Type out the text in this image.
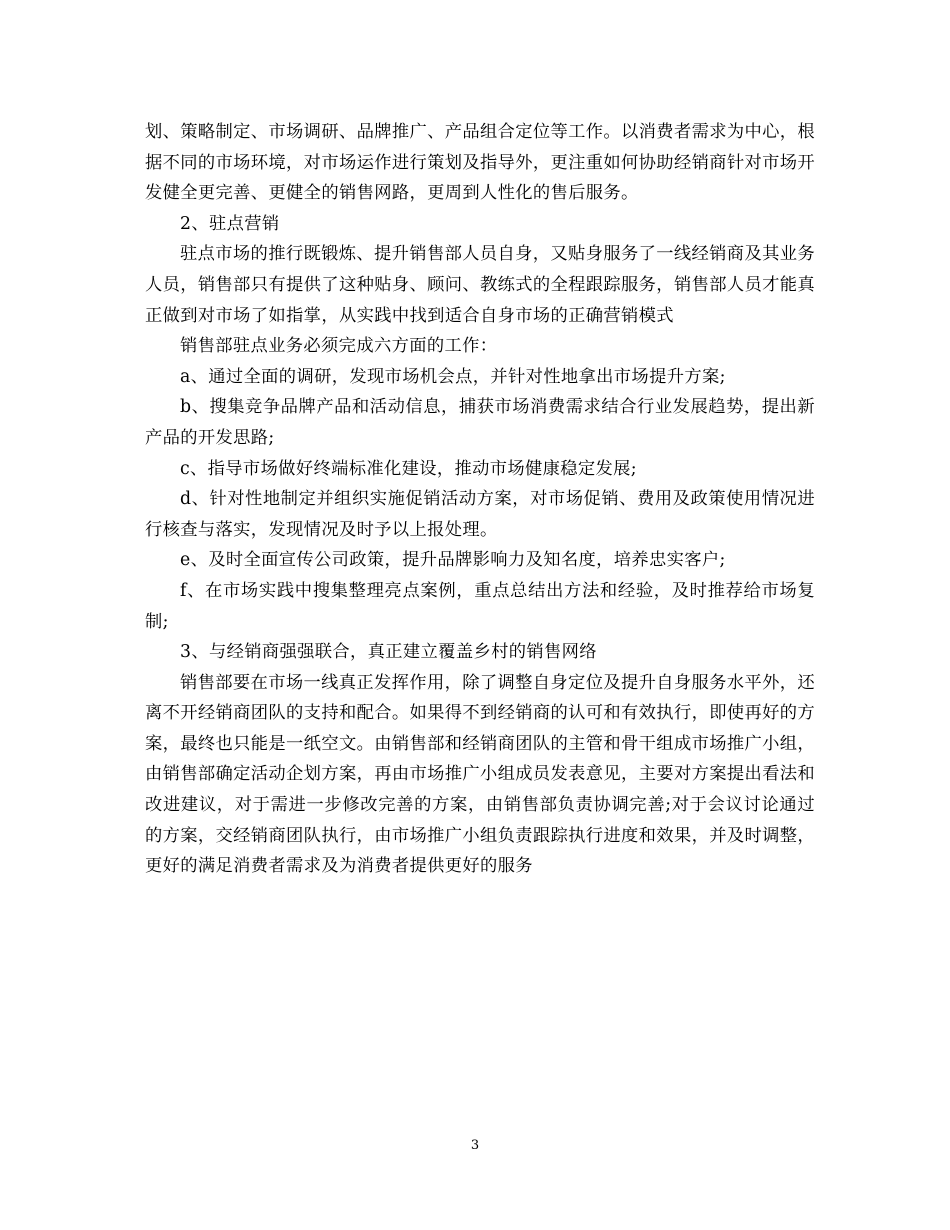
划、策略制定、市场调研、品牌推广、产品组合定位等工作。以消费者需求为中心，根据不同的市场环境，对市场运作进行策划及指导外，更注重如何协助经销商针对市场开发健全更完善、更健全的销售网路，更周到人性化的售后服务。

2、驻点营销

驻点市场的推行既锻炼、提升销售部人员自身，又贴身服务了一线经销商及其业务人员，销售部只有提供了这种贴身、顾问、教练式的全程跟踪服务，销售部人员才能真正做到对市场了如指掌，从实践中找到适合自身市场的正确营销模式

销售部驻点业务必须完成六方面的工作：

a、通过全面的调研，发现市场机会点，并针对性地拿出市场提升方案;

b、搜集竞争品牌产品和活动信息，捕获市场消费需求结合行业发展趋势，提出新产品的开发思路;

c、指导市场做好终端标准化建设，推动市场健康稳定发展;

d、针对性地制定并组织实施促销活动方案，对市场促销、费用及政策使用情况进行核查与落实，发现情况及时予以上报处理。

e、及时全面宣传公司政策，提升品牌影响力及知名度，培养忠实客户;

f、在市场实践中搜集整理亮点案例，重点总结出方法和经验，及时推荐给市场复制;

3、与经销商强强联合，真正建立覆盖乡村的销售网络

销售部要在市场一线真正发挥作用，除了调整自身定位及提升自身服务水平外，还离不开经销商团队的支持和配合。如果得不到经销商的认可和有效执行，即使再好的方案，最终也只能是一纸空文。由销售部和经销商团队的主管和骨干组成市场推广小组，由销售部确定活动企划方案，再由市场推广小组成员发表意见，主要对方案提出看法和改进建议，对于需进一步修改完善的方案，由销售部负责协调完善;对于会议讨论通过的方案，交经销商团队执行，由市场推广小组负责跟踪执行进度和效果，并及时调整，更好的满足消费者需求及为消费者提供更好的服务

3
